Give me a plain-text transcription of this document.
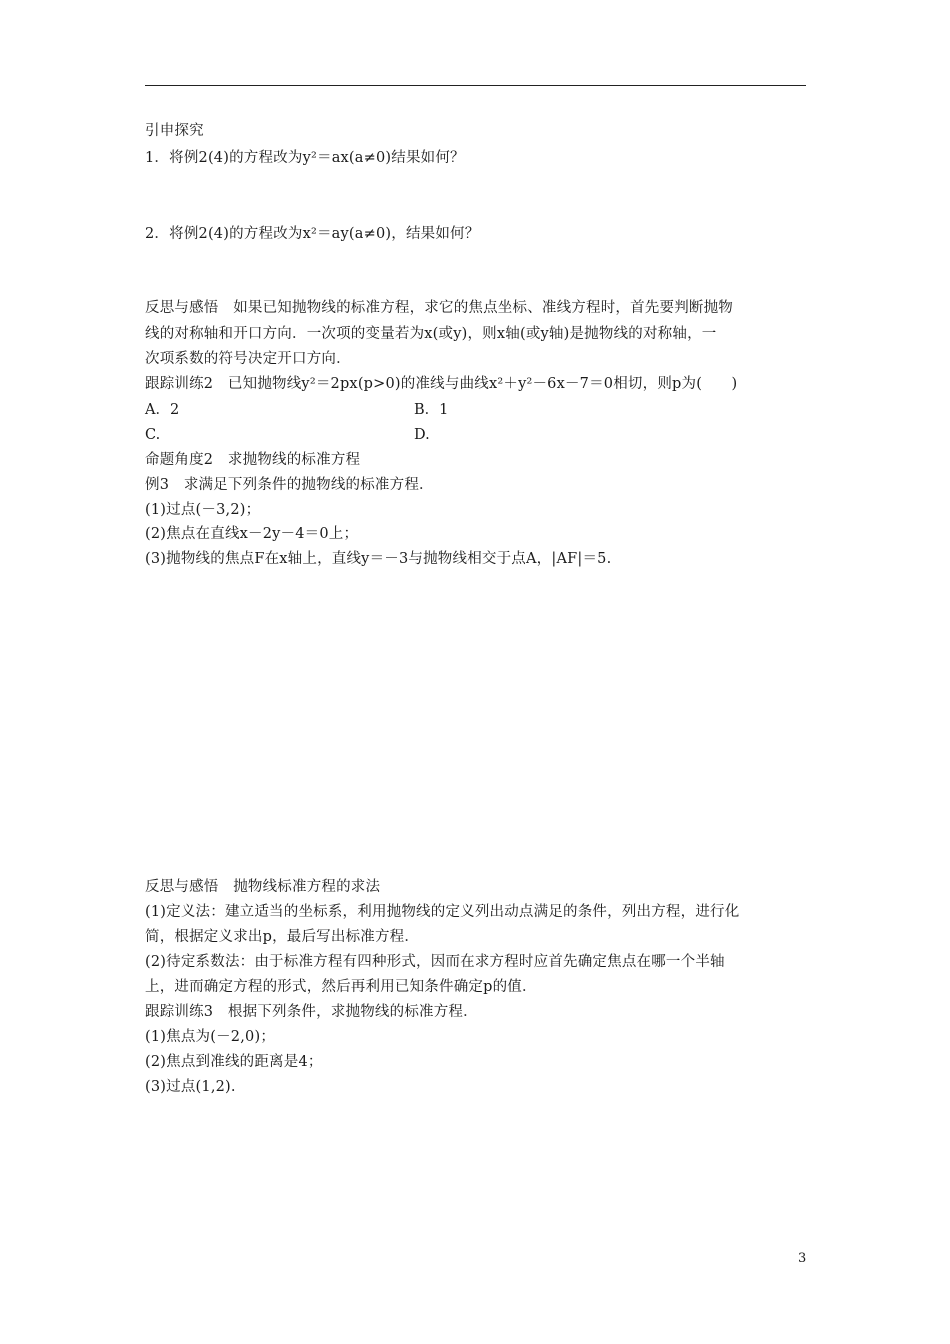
引申探究
1．将例2(4)的方程改为y²＝ax(a≠0)结果如何？
2．将例2(4)的方程改为x²＝ay(a≠0)，结果如何？
反思与感悟　如果已知抛物线的标准方程，求它的焦点坐标、准线方程时，首先要判断抛物
线的对称轴和开口方向．一次项的变量若为x(或y)，则x轴(或y轴)是抛物线的对称轴，一
次项系数的符号决定开口方向．
跟踪训练2　已知抛物线y²＝2px(p>0)的准线与曲线x²＋y²－6x－7＝0相切，则p为(　　)
A．2	B．1
C.	D.
命题角度2　求抛物线的标准方程
例3　求满足下列条件的抛物线的标准方程．
(1)过点(－3,2)；
(2)焦点在直线x－2y－4＝0上；
(3)抛物线的焦点F在x轴上，直线y＝－3与抛物线相交于点A，|AF|＝5.
反思与感悟　抛物线标准方程的求法
(1)定义法：建立适当的坐标系，利用抛物线的定义列出动点满足的条件，列出方程，进行化
简，根据定义求出p，最后写出标准方程．
(2)待定系数法：由于标准方程有四种形式，因而在求方程时应首先确定焦点在哪一个半轴
上，进而确定方程的形式，然后再利用已知条件确定p的值．
跟踪训练3　根据下列条件，求抛物线的标准方程．
(1)焦点为(－2,0)；
(2)焦点到准线的距离是4；
(3)过点(1,2).
3
